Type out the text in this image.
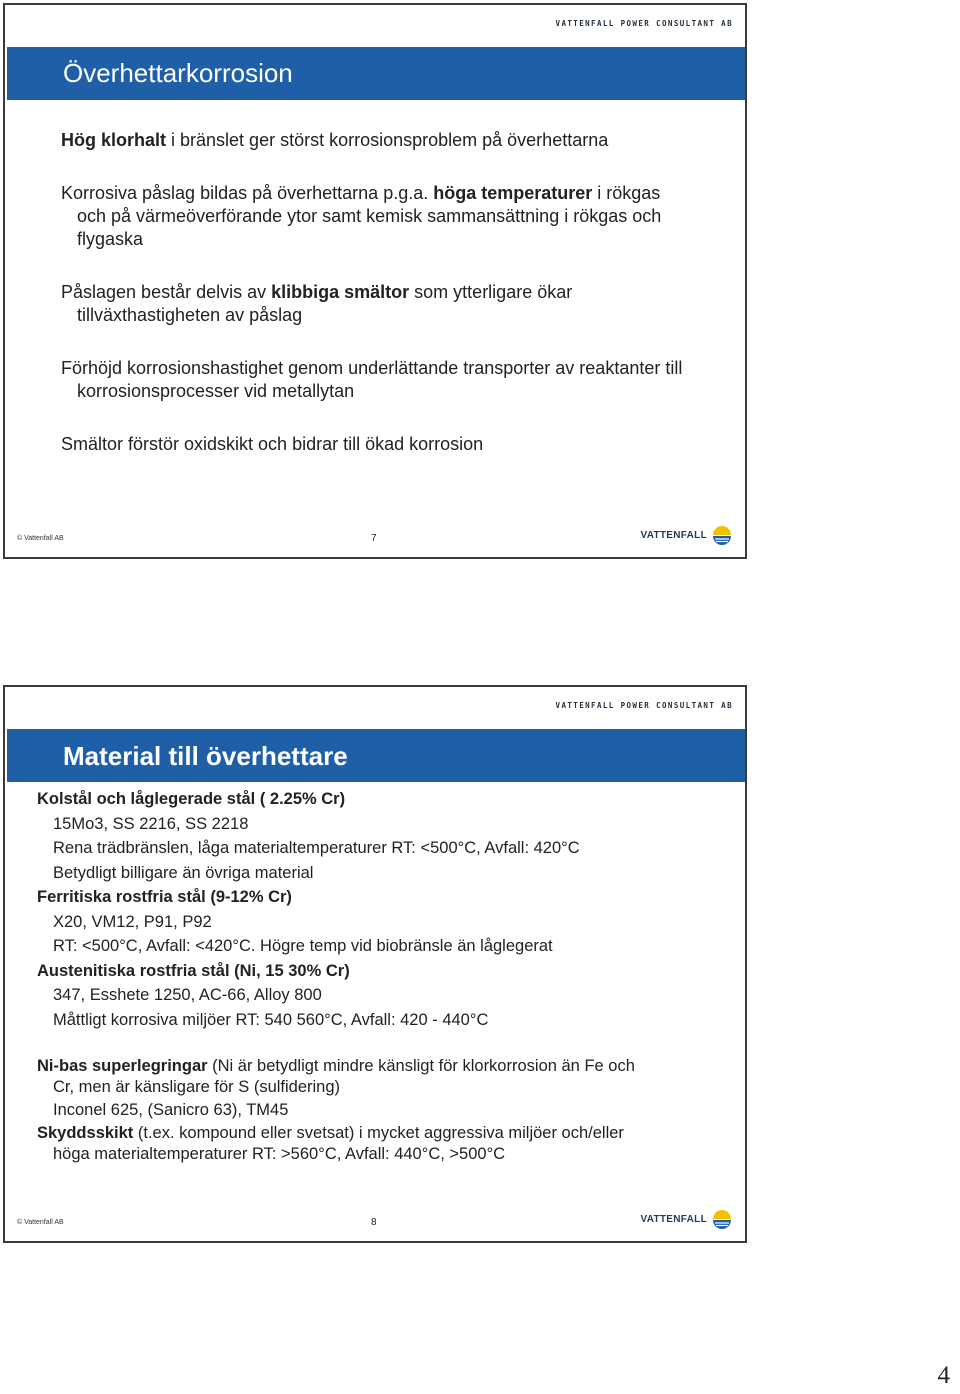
VATTENFALL POWER CONSULTANT AB
Överhettarkorrosion
Hög klorhalt i bränslet ger störst korrosionsproblem på överhettarna
Korrosiva påslag bildas på överhettarna p.g.a. höga temperaturer i rökgas och på värmeöverförande ytor samt kemisk sammansättning i rökgas och flygaska
Påslagen består delvis av klibbiga smältor som ytterligare ökar tillväxthastigheten av påslag
Förhöjd korrosionshastighet genom underlättande transporter av reaktanter till korrosionsprocesser vid metallytan
Smältor förstör oxidskikt och bidrar till ökad korrosion
© Vattenfall AB	7	VATTENFALL
VATTENFALL POWER CONSULTANT AB
Material till överhettare

Kolstål och låglegerade stål ( 2.25% Cr)

15Mo3, SS 2216, SS 2218

Rena trädbränslen, låga materialtemperaturer RT: <500°C, Avfall: 420°C

Betydligt billigare än övriga material

Ferritiska rostfria stål (9-12% Cr)

X20, VM12, P91, P92

RT: <500°C, Avfall: <420°C. Högre temp vid biobränsle än låglegerat

Austenitiska rostfria stål (Ni, 15 30% Cr)

347, Esshete 1250, AC-66, Alloy 800

Måttligt korrosiva miljöer RT: 540 560°C, Avfall: 420 - 440°C

Ni-bas superlegringar (Ni är betydligt mindre känsligt för klorkorrosion än Fe och
Cr, men är känsligare för S (sulfidering)

Inconel 625, (Sanicro 63), TM45

Skyddsskikt (t.ex. kompound eller svetsat) i mycket aggressiva miljöer och/eller
höga materialtemperaturer RT: >560°C, Avfall: 440°C, >500°C
© Vattenfall AB	8	VATTENFALL
4
